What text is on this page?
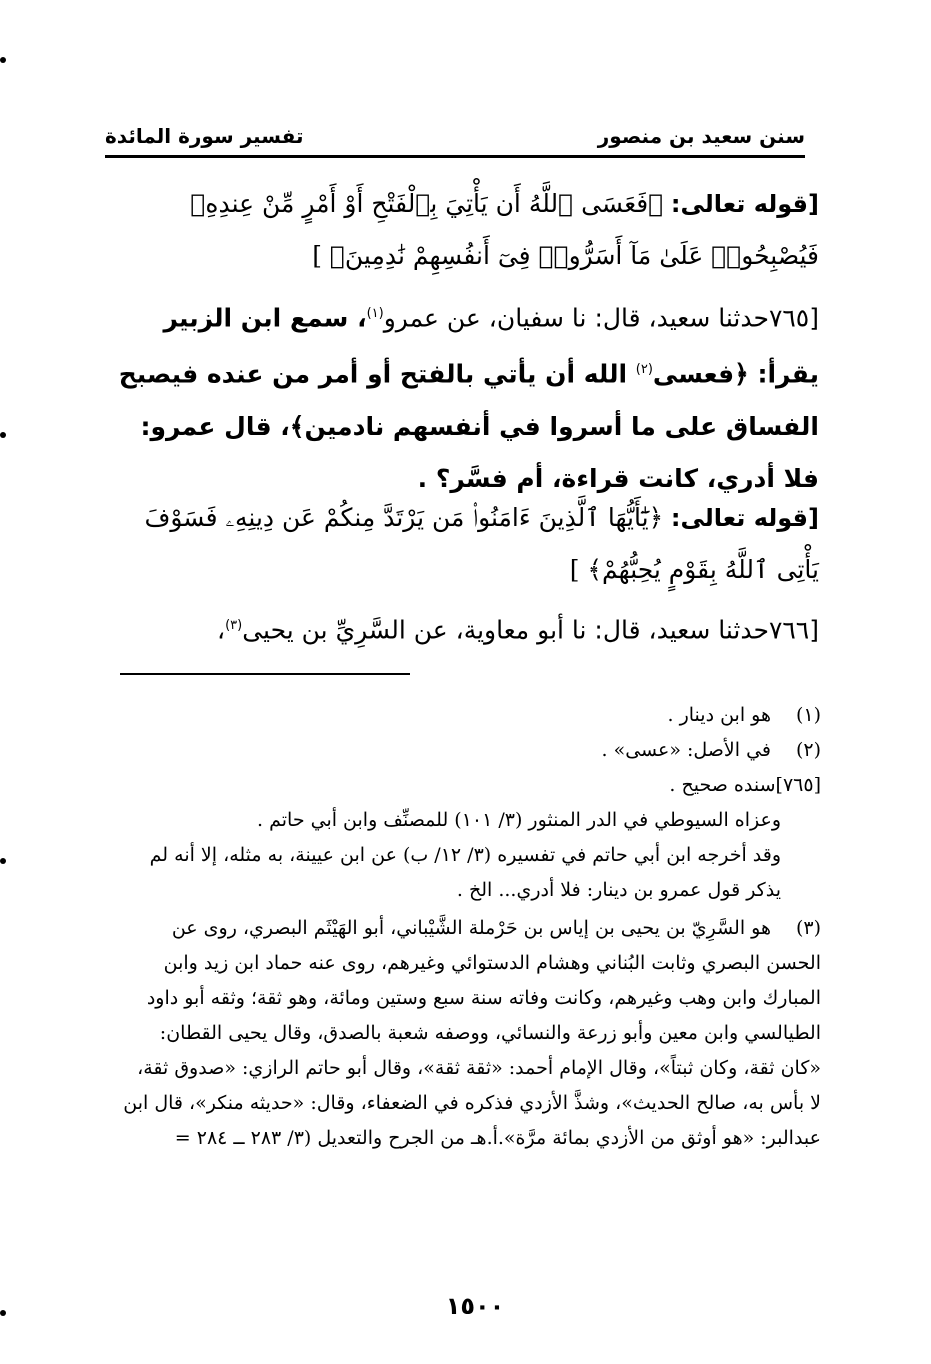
سنن سعيد بن منصور
تفسير سورة المائدة
[قوله تعالى: ﴿فَعَسَى ٱللَّهُ أَن يَأْتِيَ بِٱلْفَتْحِ أَوْ أَمْرٍ مِّنْ عِندِهِۦ فَيُصْبِحُوا۟ عَلَىٰ مَآ أَسَرُّوا۟ فِىٓ أَنفُسِهِمْ نَٰدِمِينَ﴾ ]
[٧٦٥حدثنا سعيد، قال: نا سفيان، عن عمرو$^{(١)}$، سمع ابن الزبير يقرأ: ﴿فعسى$^{(٢)}$ الله أن يأتي بالفتح أو أمر من عنده فيصبح الفساق على ما أسروا في أنفسهم نادمين﴾، قال عمرو: فلا أدري، كانت قراءة، أم فسَّر؟ .
[قوله تعالى: ﴿يَٰٓأَيُّهَا ٱلَّذِينَ ءَامَنُوا۟ مَن يَرْتَدَّ مِنكُمْ عَن دِينِهِۦ فَسَوْفَ يَأْتِى ٱللَّهُ بِقَوْمٍ يُحِبُّهُمْ﴾ ]
[٧٦٦حدثنا سعيد، قال: نا أبو معاوية، عن السَّرِيِّ بن يحيى$^{(٣)}$،
(١)هو ابن دينار .
(٢)في الأصل: «عسى» .
[٧٦٥]سنده صحيح .
وعزاه السيوطي في الدر المنثور (٣/ ١٠١) للمصنِّف وابن أبي حاتم .
وقد أخرجه ابن أبي حاتم في تفسيره (٣/ ١٢/ ب) عن ابن عيينة، به مثله، إلا أنه لم يذكر قول عمرو بن دينار: فلا أدري... الخ .
(٣)هو السَّرِيّ بن يحيى بن إياس بن حَرْملة الشَّيْباني، أبو الهَيْثَم البصري، روى عن الحسن البصري وثابت البُناني وهشام الدستوائي وغيرهم، روى عنه حماد ابن زيد وابن المبارك وابن وهب وغيرهم، وكانت وفاته سنة سبع وستين ومائة، وهو ثقة؛ وثقه أبو داود الطيالسي وابن معين وأبو زرعة والنسائي، ووصفه شعبة بالصدق، وقال يحيى القطان: «كان ثقة، وكان ثبتاً»، وقال الإمام أحمد: «ثقة ثقة»، وقال أبو حاتم الرازي: «صدوق ثقة، لا بأس به، صالح الحديث»، وشذَّ الأزدي فذكره في الضعفاء، وقال: «حديثه منكر»، قال ابن عبدالبر: «هو أوثق من الأزدي بمائة مرَّة».أ.هـ من الجرح والتعديل (٣/ ٢٨٣ ــ ٢٨٤ =
١٥٠٠
